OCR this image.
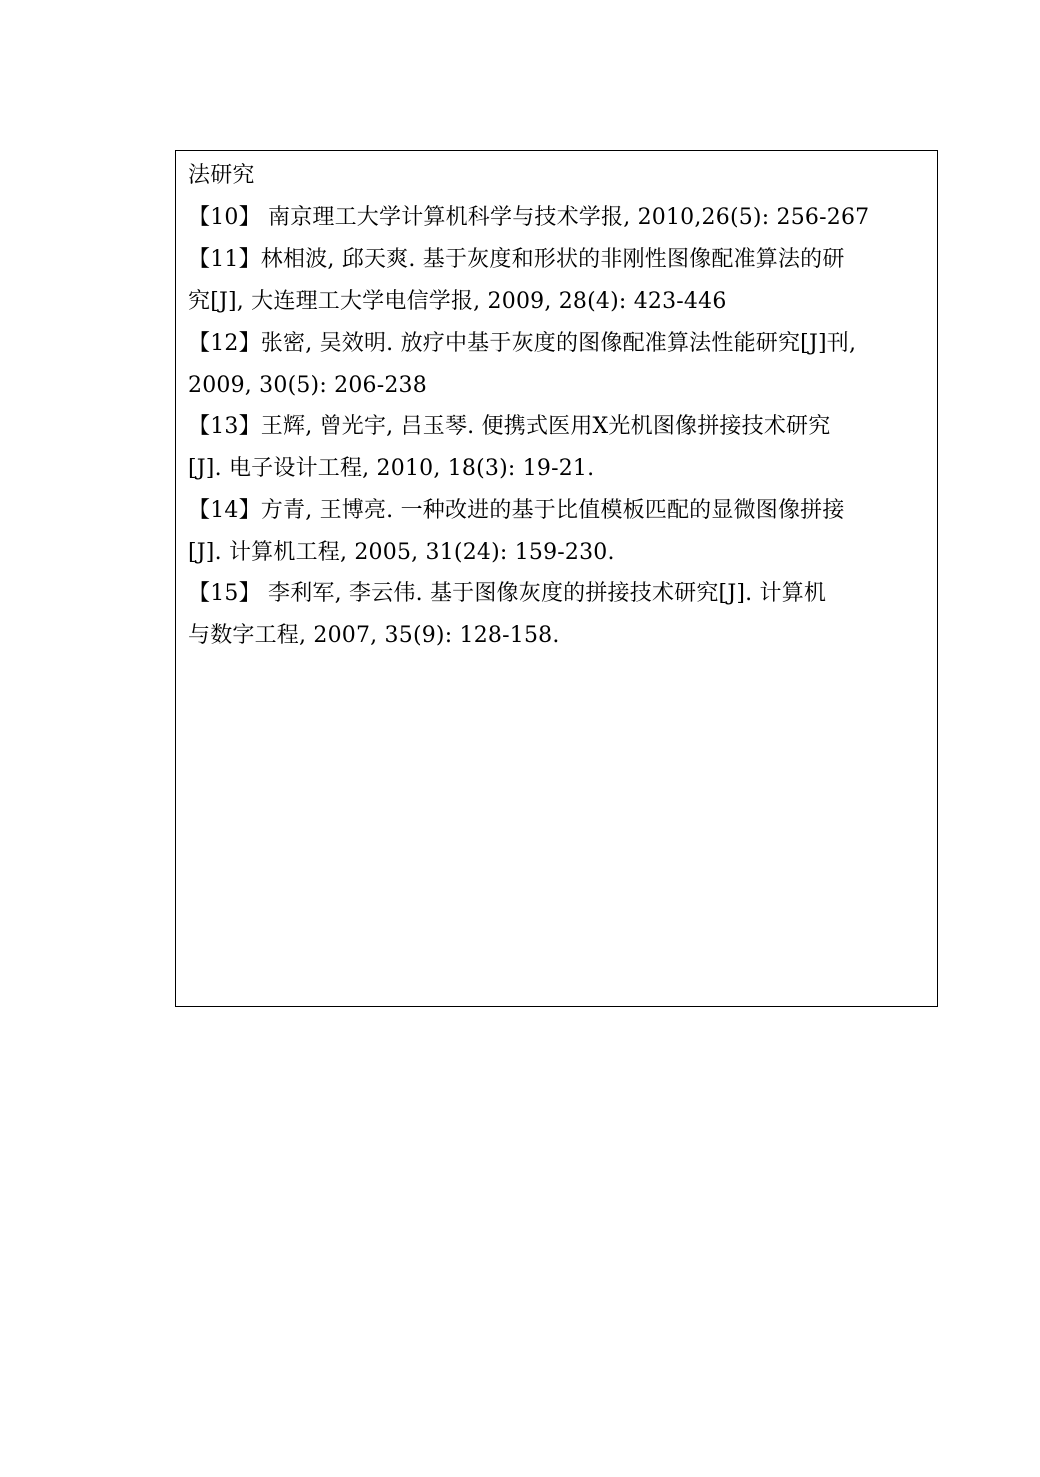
法研究
【10】 南京理工大学计算机科学与技术学报, 2010,26(5): 256-267
【11】林相波, 邱天爽. 基于灰度和形状的非刚性图像配准算法的研
究[J], 大连理工大学电信学报, 2009, 28(4): 423-446
【12】张密, 吴效明. 放疗中基于灰度的图像配准算法性能研究[J]刊,
2009, 30(5): 206-238
【13】王辉, 曾光宇, 吕玉琴. 便携式医用X光机图像拼接技术研究
[J]. 电子设计工程, 2010, 18(3): 19-21.
【14】方青, 王博亮. 一种改进的基于比值模板匹配的显微图像拼接
[J]. 计算机工程, 2005, 31(24): 159-230.
【15】 李利军, 李云伟. 基于图像灰度的拼接技术研究[J]. 计算机
与数字工程, 2007, 35(9): 128-158.
